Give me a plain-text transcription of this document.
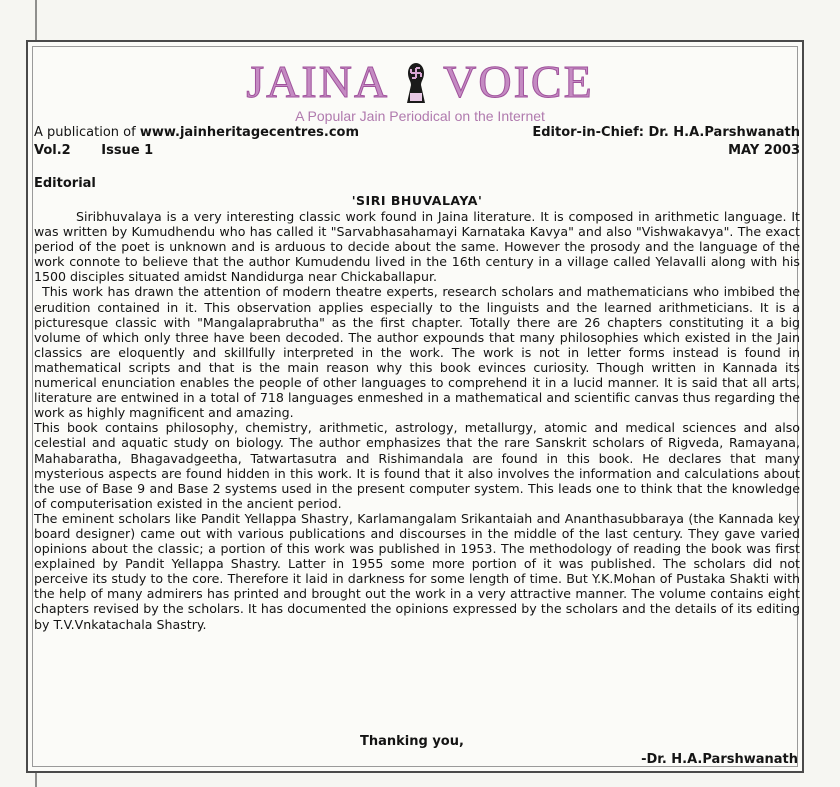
JAINA VOICE
A Popular Jain Periodical on the Internet
A publication of www.jainheritagecentres.com	Editor-in-Chief: Dr. H.A.Parshwanath
Vol.2 Issue 1	MAY 2003
Editorial
'SIRI BHUVALAYA'

Siribhuvalaya is a very interesting classic work found in Jaina literature. It is composed in arithmetic language. It was written by Kumudhendu who has called it "Sarvabhasahamayi Karnataka Kavya" and also "Vishwakavya". The exact period of the poet is unknown and is arduous to decide about the same. However the prosody and the language of the work connote to believe that the author Kumudendu lived in the 16th century in a village called Yelavalli along with his 1500 disciples situated amidst Nandidurga near Chickaballapur.

This work has drawn the attention of modern theatre experts, research scholars and mathematicians who imbibed the erudition contained in it. This observation applies especially to the linguists and the learned arithmeticians. It is a picturesque classic with "Mangalaprabrutha" as the first chapter. Totally there are 26 chapters constituting it a big volume of which only three have been decoded. The author expounds that many philosophies which existed in the Jain classics are eloquently and skillfully interpreted in the work. The work is not in letter forms instead is found in mathematical scripts and that is the main reason why this book evinces curiosity. Though written in Kannada its numerical enunciation enables the people of other languages to comprehend it in a lucid manner. It is said that all arts, literature are entwined in a total of 718 languages enmeshed in a mathematical and scientific canvas thus regarding the work as highly magnificent and amazing.

This book contains philosophy, chemistry, arithmetic, astrology, metallurgy, atomic and medical sciences and also celestial and aquatic study on biology. The author emphasizes that the rare Sanskrit scholars of Rigveda, Ramayana, Mahabaratha, Bhagavadgeetha, Tatwartasutra and Rishimandala are found in this book. He declares that many mysterious aspects are found hidden in this work. It is found that it also involves the information and calculations about the use of Base 9 and Base 2 systems used in the present computer system. This leads one to think that the knowledge of computerisation existed in the ancient period.

The eminent scholars like Pandit Yellappa Shastry, Karlamangalam Srikantaiah and Ananthasubbaraya (the Kannada key board designer) came out with various publications and discourses in the middle of the last century. They gave varied opinions about the classic; a portion of this work was published in 1953. The methodology of reading the book was first explained by Pandit Yellappa Shastry. Latter in 1955 some more portion of it was published. The scholars did not perceive its study to the core. Therefore it laid in darkness for some length of time. But Y.K.Mohan of Pustaka Shakti with the help of many admirers has printed and brought out the work in a very attractive manner. The volume contains eight chapters revised by the scholars. It has documented the opinions expressed by the scholars and the details of its editing by T.V.Vnkatachala Shastry.

Thanking you,
-Dr. H.A.Parshwanath
